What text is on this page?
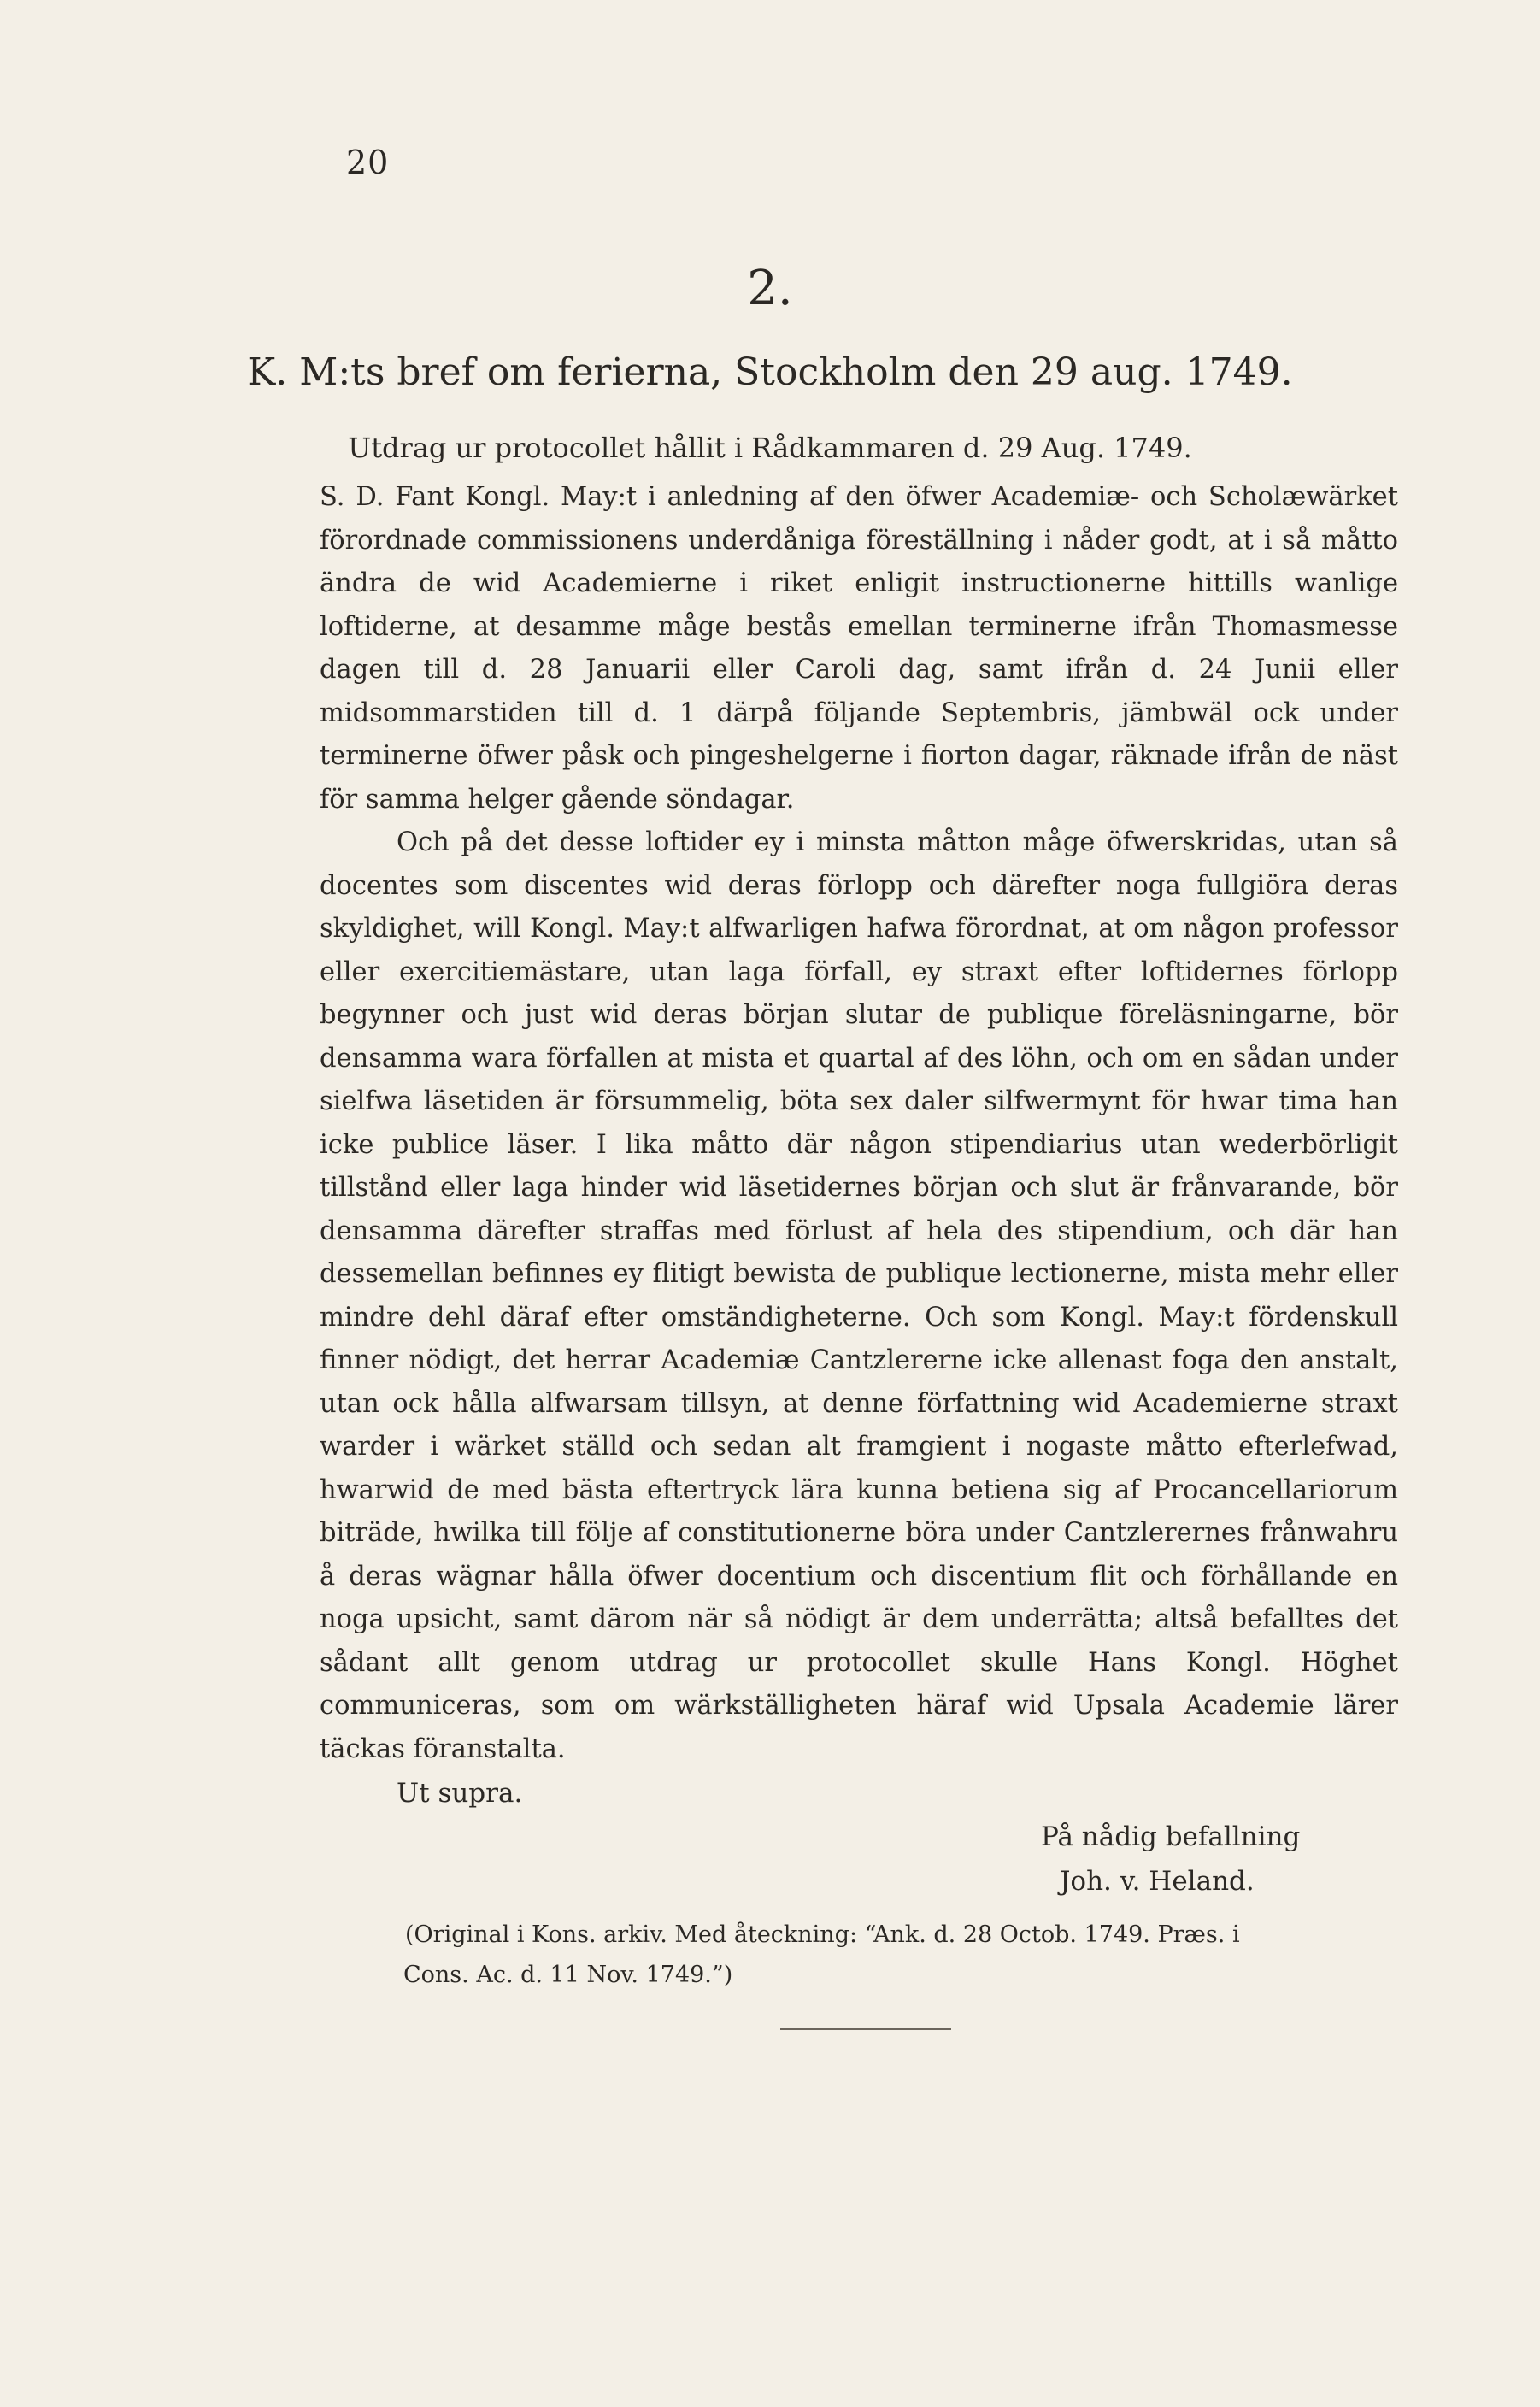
20
2.
K. M:ts bref om ferierna, Stockholm den 29 aug. 1749.
Utdrag ur protocollet hållit i Rådkammaren d. 29 Aug. 1749.

S. D. Fant Kongl. May:t i anledning af den öfwer Academiæ- och Scholæwärket förordnade commissionens underdåniga föreställning i nåder godt, at i så måtto ändra de wid Academierne i riket enligit instructionerne hittills wanlige loftiderne, at desamme måge bestås emellan terminerne ifrån Thomasmesse dagen till d. 28 Januarii eller Caroli dag, samt ifrån d. 24 Junii eller midsommarstiden till d. 1 därpå följande Septembris, jämbwäl ock under terminerne öfwer påsk och pingeshelgerne i fiorton dagar, räknade ifrån de näst för samma helger gående söndagar.

Och på det desse loftider ey i minsta måtton måge öfwerskridas, utan så docentes som discentes wid deras förlopp och därefter noga fullgiöra deras skyldighet, will Kongl. May:t alfwarligen hafwa förordnat, at om någon professor eller exercitiemästare, utan laga förfall, ey straxt efter loftidernes förlopp begynner och just wid deras början slutar de publique föreläsningarne, bör densamma wara förfallen at mista et quartal af des löhn, och om en sådan under sielfwa läsetiden är försummelig, böta sex daler silfwermynt för hwar tima han icke publice läser. I lika måtto där någon stipendiarius utan wederbörligit tillstånd eller laga hinder wid läsetidernes början och slut är frånvarande, bör densamma därefter straffas med förlust af hela des stipendium, och där han dessemellan befinnes ey flitigt bewista de publique lectionerne, mista mehr eller mindre dehl däraf efter omständigheterne. Och som Kongl. May:t fördenskull finner nödigt, det herrar Academiæ Cantzlererne icke allenast foga den anstalt, utan ock hålla alfwarsam tillsyn, at denne författning wid Academierne straxt warder i wärket ställd och sedan alt framgient i nogaste måtto efterlefwad, hwarwid de med bästa eftertryck lära kunna betiena sig af Procancellariorum biträde, hwilka till följe af constitutionerne böra under Cantzlerernes frånwahru å deras wägnar hålla öfwer docentium och discentium flit och förhållande en noga upsicht, samt därom när så nödigt är dem underrätta; altså befalltes det sådant allt genom utdrag ur protocollet skulle Hans Kongl. Höghet communiceras, som om wärkställigheten häraf wid Upsala Academie lärer täckas föranstalta.

Ut supra.
På nådig befallning
Joh. v. Heland.
(Original i Kons. arkiv. Med åteckning: “Ank. d. 28 Octob. 1749. Præs. i
Cons. Ac. d. 11 Nov. 1749.”)
